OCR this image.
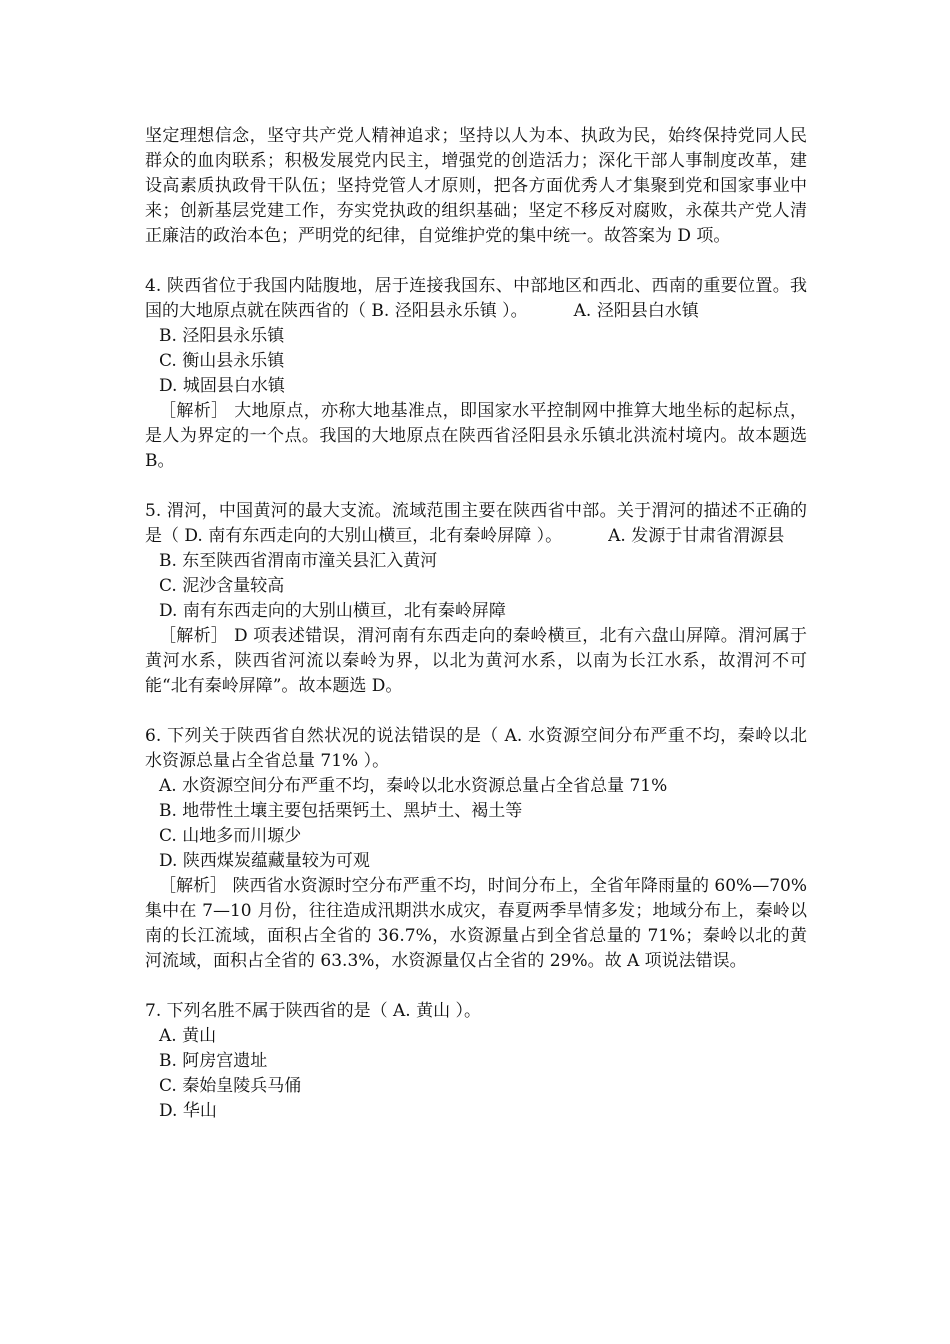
坚定理想信念，坚守共产党人精神追求；坚持以人为本、执政为民，始终保持党同人民群众的血肉联系；积极发展党内民主，增强党的创造活力；深化干部人事制度改革，建设高素质执政骨干队伍；坚持党管人才原则，把各方面优秀人才集聚到党和国家事业中来；创新基层党建工作，夯实党执政的组织基础；坚定不移反对腐败，永葆共产党人清正廉洁的政治本色；严明党的纪律，自觉维护党的集中统一。故答案为 D 项。

4. 陕西省位于我国内陆腹地，居于连接我国东、中部地区和西北、西南的重要位置。我国的大地原点就在陕西省的（ B. 泾阳县永乐镇 ）。	A. 泾阳县白水镇

B. 泾阳县永乐镇

C. 衡山县永乐镇

D. 城固县白水镇

［解析］ 大地原点，亦称大地基准点，即国家水平控制网中推算大地坐标的起标点，是人为界定的一个点。我国的大地原点在陕西省泾阳县永乐镇北洪流村境内。故本题选 B。

5. 渭河，中国黄河的最大支流。流域范围主要在陕西省中部。关于渭河的描述不正确的是（ D. 南有东西走向的大别山横亘，北有秦岭屏障 ）。	A. 发源于甘肃省渭源县

B. 东至陕西省渭南市潼关县汇入黄河

C. 泥沙含量较高

D. 南有东西走向的大别山横亘，北有秦岭屏障

［解析］ D 项表述错误，渭河南有东西走向的秦岭横亘，北有六盘山屏障。渭河属于黄河水系，陕西省河流以秦岭为界，以北为黄河水系，以南为长江水系，故渭河不可能“北有秦岭屏障”。故本题选 D。

6. 下列关于陕西省自然状况的说法错误的是（ A. 水资源空间分布严重不均，秦岭以北水资源总量占全省总量 71% ）。

A. 水资源空间分布严重不均，秦岭以北水资源总量占全省总量 71%

B. 地带性土壤主要包括栗钙土、黑垆土、褐土等

C. 山地多而川塬少

D. 陕西煤炭蕴藏量较为可观

［解析］ 陕西省水资源时空分布严重不均，时间分布上，全省年降雨量的 60%—70%集中在 7—10 月份，往往造成汛期洪水成灾，春夏两季旱情多发；地域分布上，秦岭以南的长江流域，面积占全省的 36.7%，水资源量占到全省总量的 71%；秦岭以北的黄河流域，面积占全省的 63.3%，水资源量仅占全省的 29%。故 A 项说法错误。

7. 下列名胜不属于陕西省的是（ A. 黄山 ）。

A. 黄山

B. 阿房宫遗址

C. 秦始皇陵兵马俑

D. 华山
